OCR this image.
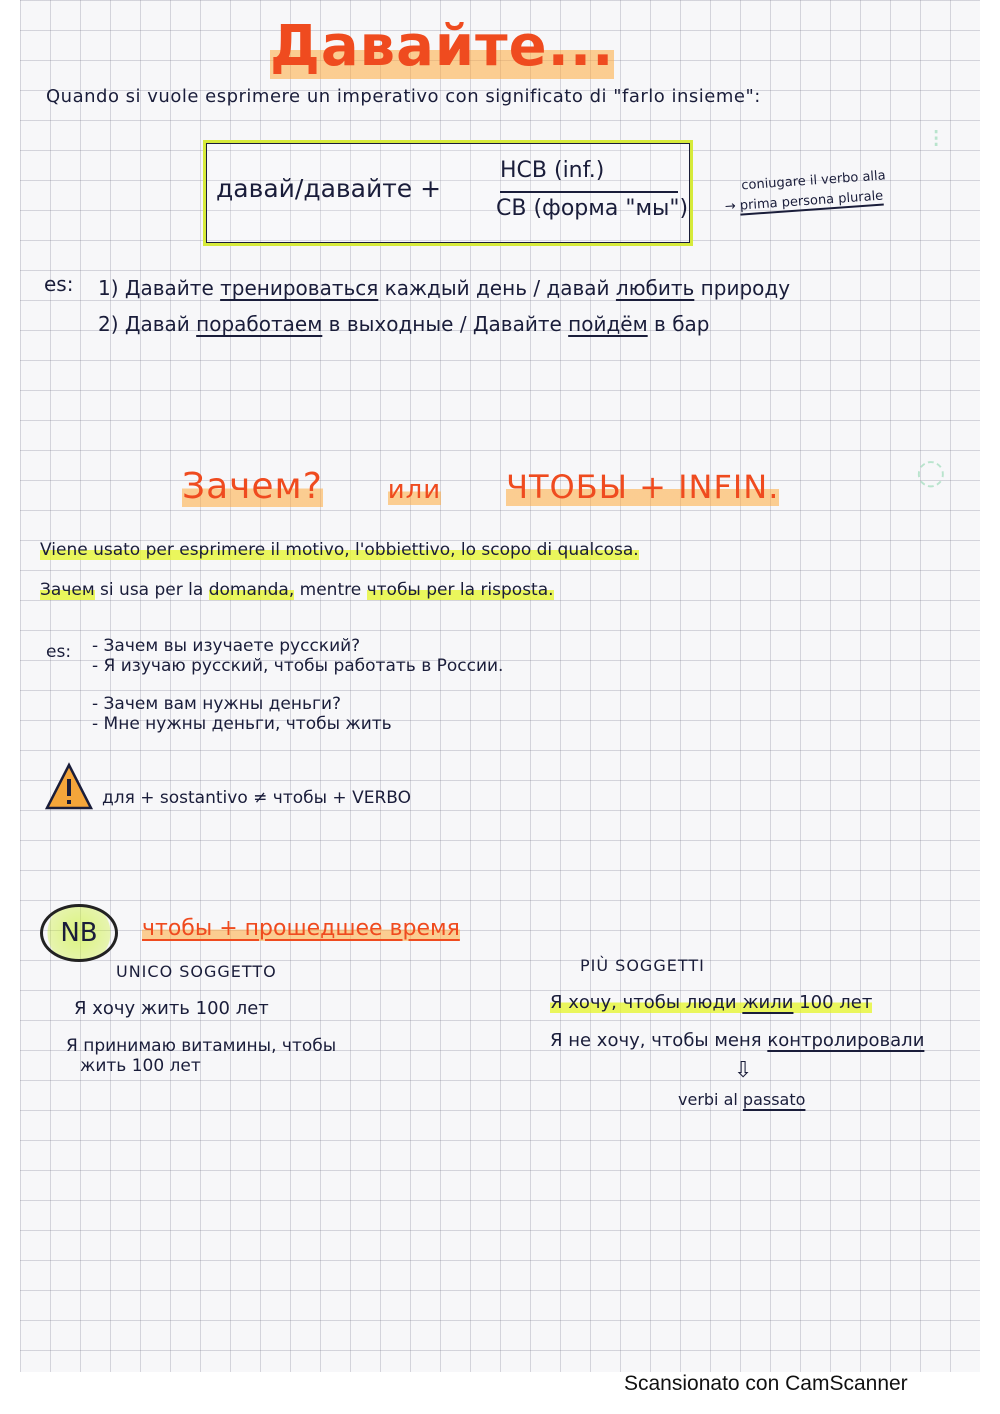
Давайте...
Quando si vuole esprimere un imperativo con significato di "farlo insieme":
давай/давайте +
НСВ (inf.)
СВ (форма "мы")
coniugare il verbo alla
→ prima persona plurale
es: 1) Давайте тренироваться каждый день / давай любить природу
2) Давай поработаем в выходные / Давайте пойдём в бар
Зачем? или ЧТОБЫ + INFIN.
Viene usato per esprimere il motivo, l'obbiettivo, lo scopo di qualcosa.
Зачем si usa per la domanda, mentre чтобы per la risposta.
es: - Зачем вы изучаете русский?
- Я изучаю русский, чтобы работать в России.
- Зачем вам нужны деньги?
- Мне нужны деньги, чтобы жить
для + sostantivo ≠ чтобы + VERBO
NB чтобы + прошедшее время
UNICO SOGGETTO
Я хочу жить 100 лет
Я принимаю витамины, чтобы
жить 100 лет
PIÙ SOGGETTI
Я хочу, чтобы люди жили 100 лет
Я не хочу, чтобы меня контролировали
⇩
verbi al passato
⁝
◌
Scansionato con CamScanner
